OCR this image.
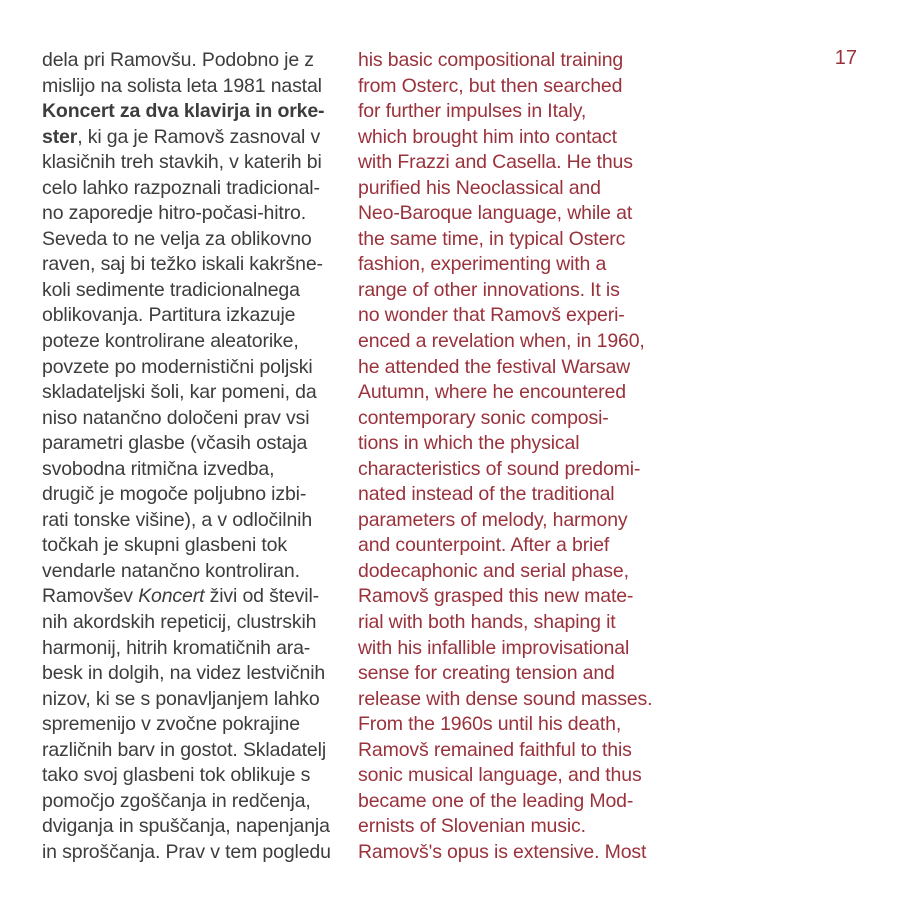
17
dela pri Ramovšu. Podobno je z
mislijo na solista leta 1981 nastal
Koncert za dva klavirja in orke-
ster, ki ga je Ramovš zasnoval v
klasičnih treh stavkih, v katerih bi
celo lahko razpoznali tradicional-
no zaporedje hitro-počasi-hitro.
Seveda to ne velja za oblikovno
raven, saj bi težko iskali kakršne-
koli sedimente tradicionalnega
oblikovanja. Partitura izkazuje
poteze kontrolirane aleatorike,
povzete po modernistični poljski
skladateljski šoli, kar pomeni, da
niso natančno določeni prav vsi
parametri glasbe (včasih ostaja
svobodna ritmična izvedba,
drugič je mogoče poljubno izbi-
rati tonske višine), a v odločilnih
točkah je skupni glasbeni tok
vendarle natančno kontroliran.
Ramovšev Koncert živi od števil-
nih akordskih repeticij, clustrskih
harmonij, hitrih kromatičnih ara-
besk in dolgih, na videz lestvičnih
nizov, ki se s ponavljanjem lahko
spremenijo v zvočne pokrajine
različnih barv in gostot. Skladatelj
tako svoj glasbeni tok oblikuje s
pomočjo zgoščanja in redčenja,
dviganja in spuščanja, napenjanja
in sproščanja. Prav v tem pogledu
his basic compositional training
from Osterc, but then searched
for further impulses in Italy,
which brought him into contact
with Frazzi and Casella. He thus
purified his Neoclassical and
Neo-Baroque language, while at
the same time, in typical Osterc
fashion, experimenting with a
range of other innovations. It is
no wonder that Ramovš experi-
enced a revelation when, in 1960,
he attended the festival Warsaw
Autumn, where he encountered
contemporary sonic composi-
tions in which the physical
characteristics of sound predomi-
nated instead of the traditional
parameters of melody, harmony
and counterpoint. After a brief
dodecaphonic and serial phase,
Ramovš grasped this new mate-
rial with both hands, shaping it
with his infallible improvisational
sense for creating tension and
release with dense sound masses.
From the 1960s until his death,
Ramovš remained faithful to this
sonic musical language, and thus
became one of the leading Mod-
ernists of Slovenian music.
Ramovš's opus is extensive. Most
